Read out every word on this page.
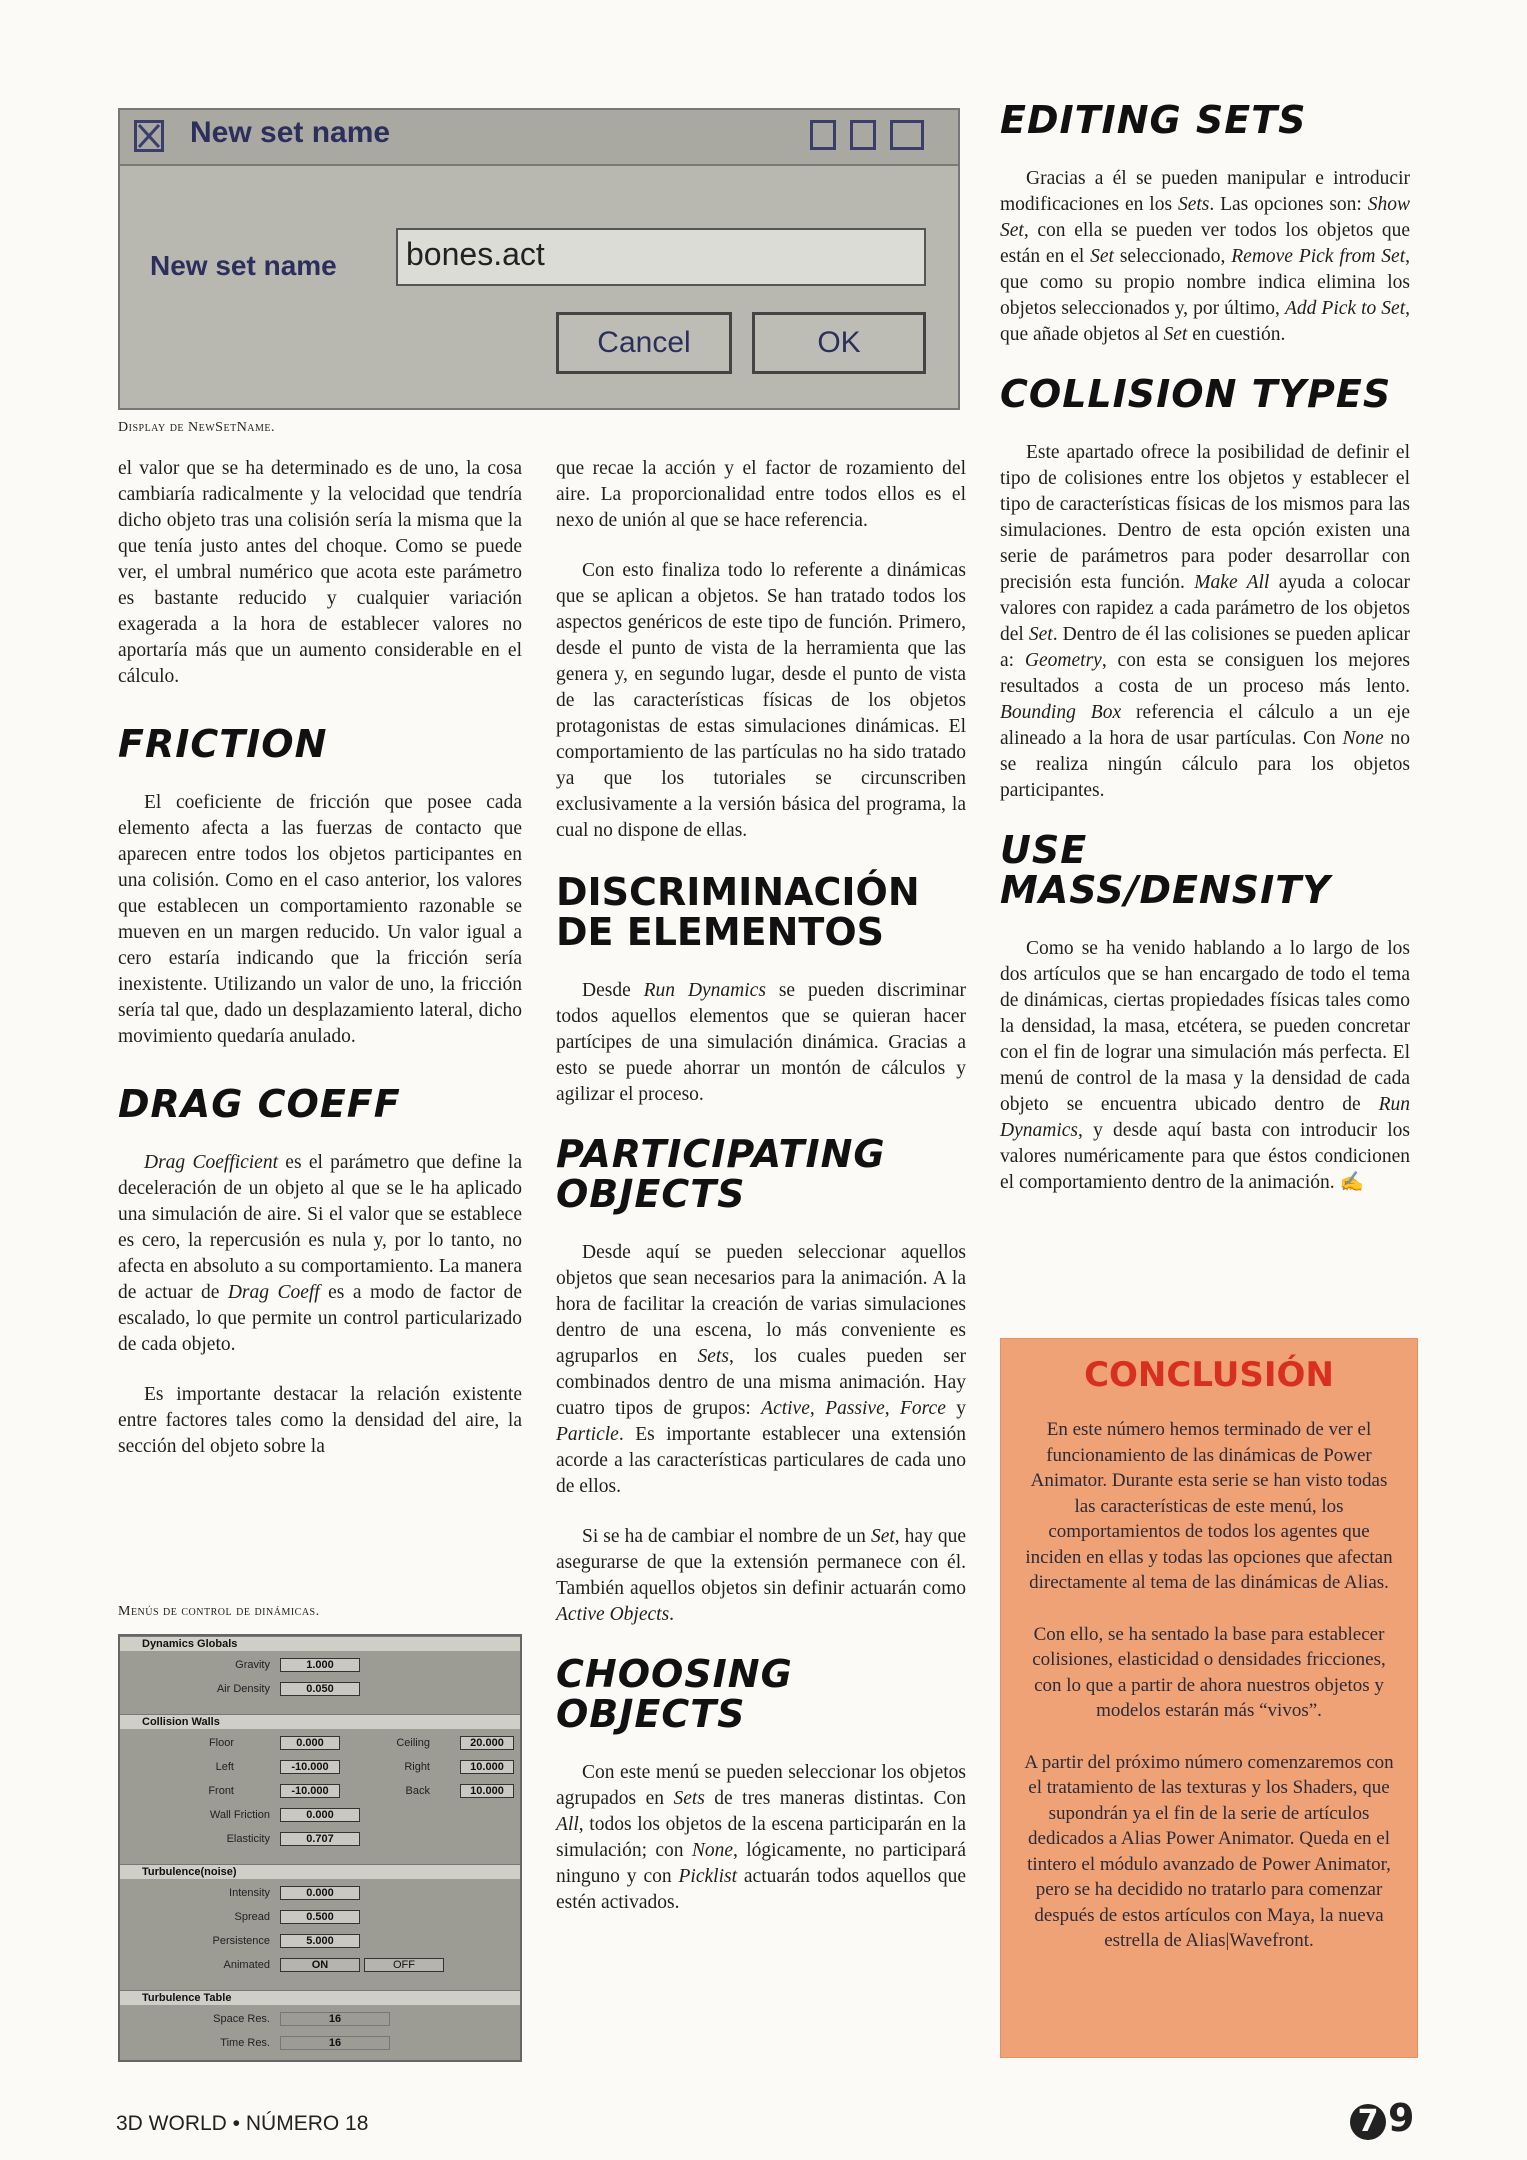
New set name
New set name	bones.act
Cancel	OK

Display de NewSetName.

el valor que se ha determinado es de uno, la cosa cambiaría radicalmente y la velocidad que tendría dicho objeto tras una colisión sería la misma que la que tenía justo antes del choque. Como se puede ver, el umbral numérico que acota este parámetro es bastante reducido y cualquier variación exagerada a la hora de establecer valores no aportaría más que un aumento considerable en el cálculo.

FRICTION

El coeficiente de fricción que posee cada elemento afecta a las fuerzas de contacto que aparecen entre todos los objetos participantes en una colisión. Como en el caso anterior, los valores que establecen un comportamiento razonable se mueven en un margen reducido. Un valor igual a cero estaría indicando que la fricción sería inexistente. Utilizando un valor de uno, la fricción sería tal que, dado un desplazamiento lateral, dicho movimiento quedaría anulado.

DRAG COEFF

Drag Coefficient es el parámetro que define la deceleración de un objeto al que se le ha aplicado una simulación de aire. Si el valor que se establece es cero, la repercusión es nula y, por lo tanto, no afecta en absoluto a su comportamiento. La manera de actuar de Drag Coeff es a modo de factor de escalado, lo que permite un control particularizado de cada objeto.

Es importante destacar la relación existente entre factores tales como la densidad del aire, la sección del objeto sobre la

Menús de control de dinámicas.

Dynamics Globals
Gravity	1.000
Air Density	0.050
Collision Walls
Floor	0.000	Ceiling	20.000
Left	-10.000	Right	10.000
Front	-10.000	Back	10.000
Wall Friction	0.000
Elasticity	0.707
Turbulence(noise)
Intensity	0.000
Spread	0.500
Persistence	5.000
Animated	ON	OFF
Turbulence Table
Space Res.	16
Time Res.	16

que recae la acción y el factor de rozamiento del aire. La proporcionalidad entre todos ellos es el nexo de unión al que se hace referencia.

Con esto finaliza todo lo referente a dinámicas que se aplican a objetos. Se han tratado todos los aspectos genéricos de este tipo de función. Primero, desde el punto de vista de la herramienta que las genera y, en segundo lugar, desde el punto de vista de las características físicas de los objetos protagonistas de estas simulaciones dinámicas. El comportamiento de las partículas no ha sido tratado ya que los tutoriales se circunscriben exclusivamente a la versión básica del programa, la cual no dispone de ellas.

DISCRIMINACIÓN DE ELEMENTOS

Desde Run Dynamics se pueden discriminar todos aquellos elementos que se quieran hacer partícipes de una simulación dinámica. Gracias a esto se puede ahorrar un montón de cálculos y agilizar el proceso.

PARTICIPATING OBJECTS

Desde aquí se pueden seleccionar aquellos objetos que sean necesarios para la animación. A la hora de facilitar la creación de varias simulaciones dentro de una escena, lo más conveniente es agruparlos en Sets, los cuales pueden ser combinados dentro de una misma animación. Hay cuatro tipos de grupos: Active, Passive, Force y Particle. Es importante establecer una extensión acorde a las características particulares de cada uno de ellos.

Si se ha de cambiar el nombre de un Set, hay que asegurarse de que la extensión permanece con él. También aquellos objetos sin definir actuarán como Active Objects.

CHOOSING OBJECTS

Con este menú se pueden seleccionar los objetos agrupados en Sets de tres maneras distintas. Con All, todos los objetos de la escena participarán en la simulación; con None, lógicamente, no participará ninguno y con Picklist actuarán todos aquellos que estén activados.

EDITING SETS

Gracias a él se pueden manipular e introducir modificaciones en los Sets. Las opciones son: Show Set, con ella se pueden ver todos los objetos que están en el Set seleccionado, Remove Pick from Set, que como su propio nombre indica elimina los objetos seleccionados y, por último, Add Pick to Set, que añade objetos al Set en cuestión.

COLLISION TYPES

Este apartado ofrece la posibilidad de definir el tipo de colisiones entre los objetos y establecer el tipo de características físicas de los mismos para las simulaciones. Dentro de esta opción existen una serie de parámetros para poder desarrollar con precisión esta función. Make All ayuda a colocar valores con rapidez a cada parámetro de los objetos del Set. Dentro de él las colisiones se pueden aplicar a: Geometry, con esta se consiguen los mejores resultados a costa de un proceso más lento. Bounding Box referencia el cálculo a un eje alineado a la hora de usar partículas. Con None no se realiza ningún cálculo para los objetos participantes.

USE MASS/DENSITY

Como se ha venido hablando a lo largo de los dos artículos que se han encargado de todo el tema de dinámicas, ciertas propiedades físicas tales como la densidad, la masa, etcétera, se pueden concretar con el fin de lograr una simulación más perfecta. El menú de control de la masa y la densidad de cada objeto se encuentra ubicado dentro de Run Dynamics, y desde aquí basta con introducir los valores numéricamente para que éstos condicionen el comportamiento dentro de la animación. ✍

CONCLUSIÓN

En este número hemos terminado de ver el funcionamiento de las dinámicas de Power Animator. Durante esta serie se han visto todas las características de este menú, los comportamientos de todos los agentes que inciden en ellas y todas las opciones que afectan directamente al tema de las dinámicas de Alias.

Con ello, se ha sentado la base para establecer colisiones, elasticidad o densidades fricciones, con lo que a partir de ahora nuestros objetos y modelos estarán más “vivos”.

A partir del próximo número comenzaremos con el tratamiento de las texturas y los Shaders, que supondrán ya el fin de la serie de artículos dedicados a Alias Power Animator. Queda en el tintero el módulo avanzado de Power Animator, pero se ha decidido no tratarlo para comenzar después de estos artículos con Maya, la nueva estrella de Alias|Wavefront.

3D WORLD • NÚMERO 18	7 9
